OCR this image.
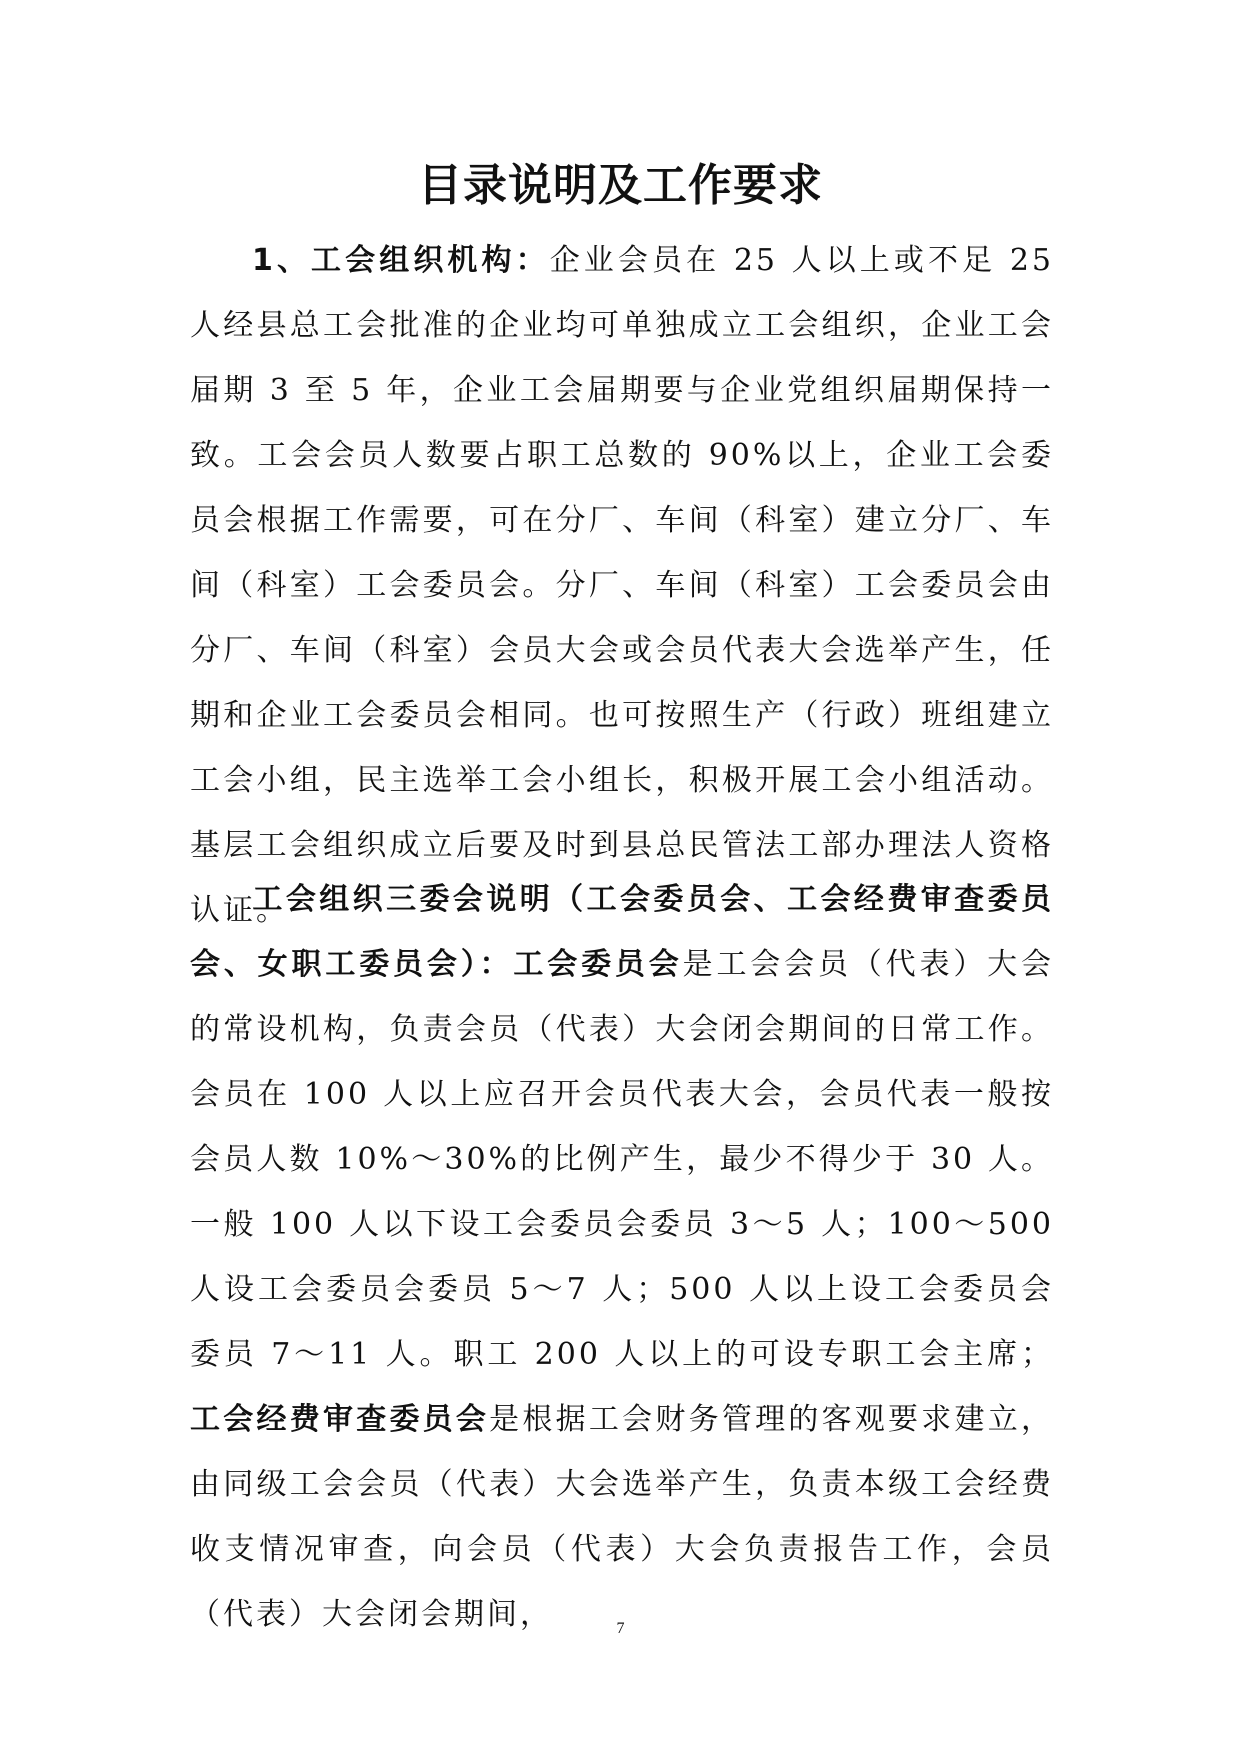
目录说明及工作要求

1、工会组织机构：企业会员在 25 人以上或不足 25 人经县总工会批准的企业均可单独成立工会组织，企业工会届期 3 至 5 年，企业工会届期要与企业党组织届期保持一致。工会会员人数要占职工总数的 90%以上，企业工会委员会根据工作需要，可在分厂、车间（科室）建立分厂、车间（科室）工会委员会。分厂、车间（科室）工会委员会由分厂、车间（科室）会员大会或会员代表大会选举产生，任期和企业工会委员会相同。也可按照生产（行政）班组建立工会小组，民主选举工会小组长，积极开展工会小组活动。基层工会组织成立后要及时到县总民管法工部办理法人资格认证。

工会组织三委会说明（工会委员会、工会经费审查委员会、女职工委员会）：工会委员会是工会会员（代表）大会的常设机构，负责会员（代表）大会闭会期间的日常工作。会员在 100 人以上应召开会员代表大会，会员代表一般按会员人数 10%～30%的比例产生，最少不得少于 30 人。一般 100 人以下设工会委员会委员 3～5 人；100～500 人设工会委员会委员 5～7 人；500 人以上设工会委员会委员 7～11 人。职工 200 人以上的可设专职工会主席；工会经费审查委员会是根据工会财务管理的客观要求建立，由同级工会会员（代表）大会选举产生，负责本级工会经费收支情况审查，向会员（代表）大会负责报告工作，会员（代表）大会闭会期间，	7
